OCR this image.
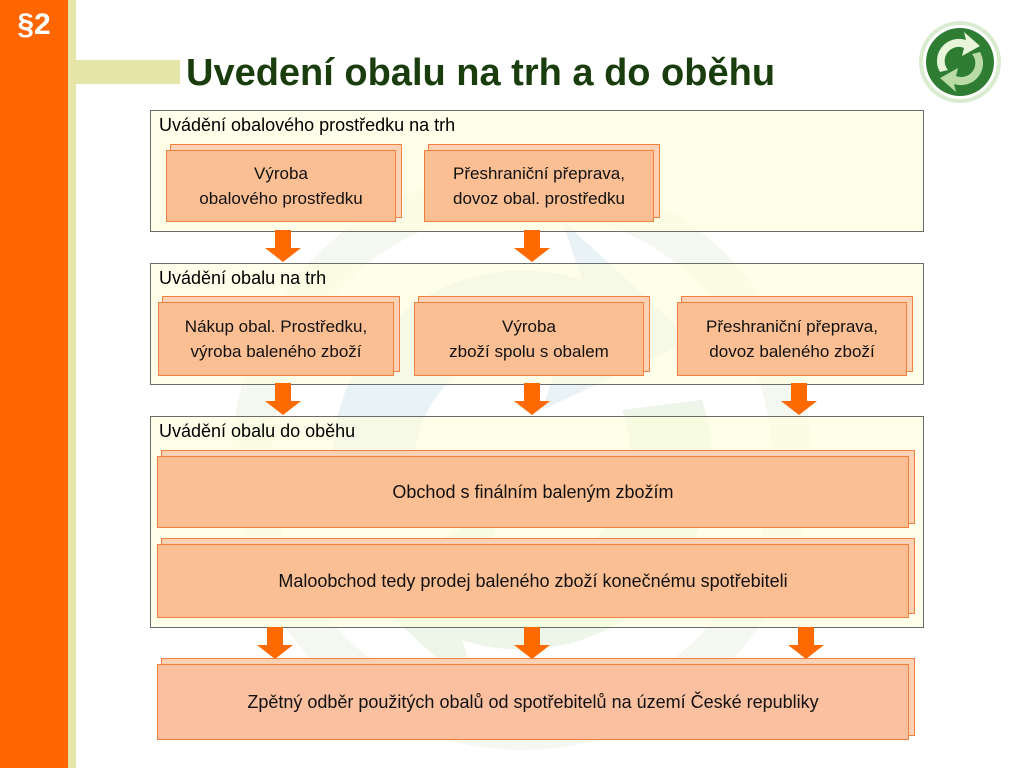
§2
Uvedení obalu na trh a do oběhu
Uvádění obalového prostředku na trh
Výroba
obalového prostředku
Přeshraniční přeprava,
dovoz obal. prostředku
Uvádění obalu na trh
Nákup obal. Prostředku,
výroba baleného zboží
Výroba
zboží spolu s obalem
Přeshraniční přeprava,
dovoz baleného zboží
Uvádění obalu do oběhu
Obchod s finálním baleným zbožím
Maloobchod tedy prodej baleného zboží konečnému spotřebiteli
Zpětný odběr použitých obalů od spotřebitelů na území České republiky
